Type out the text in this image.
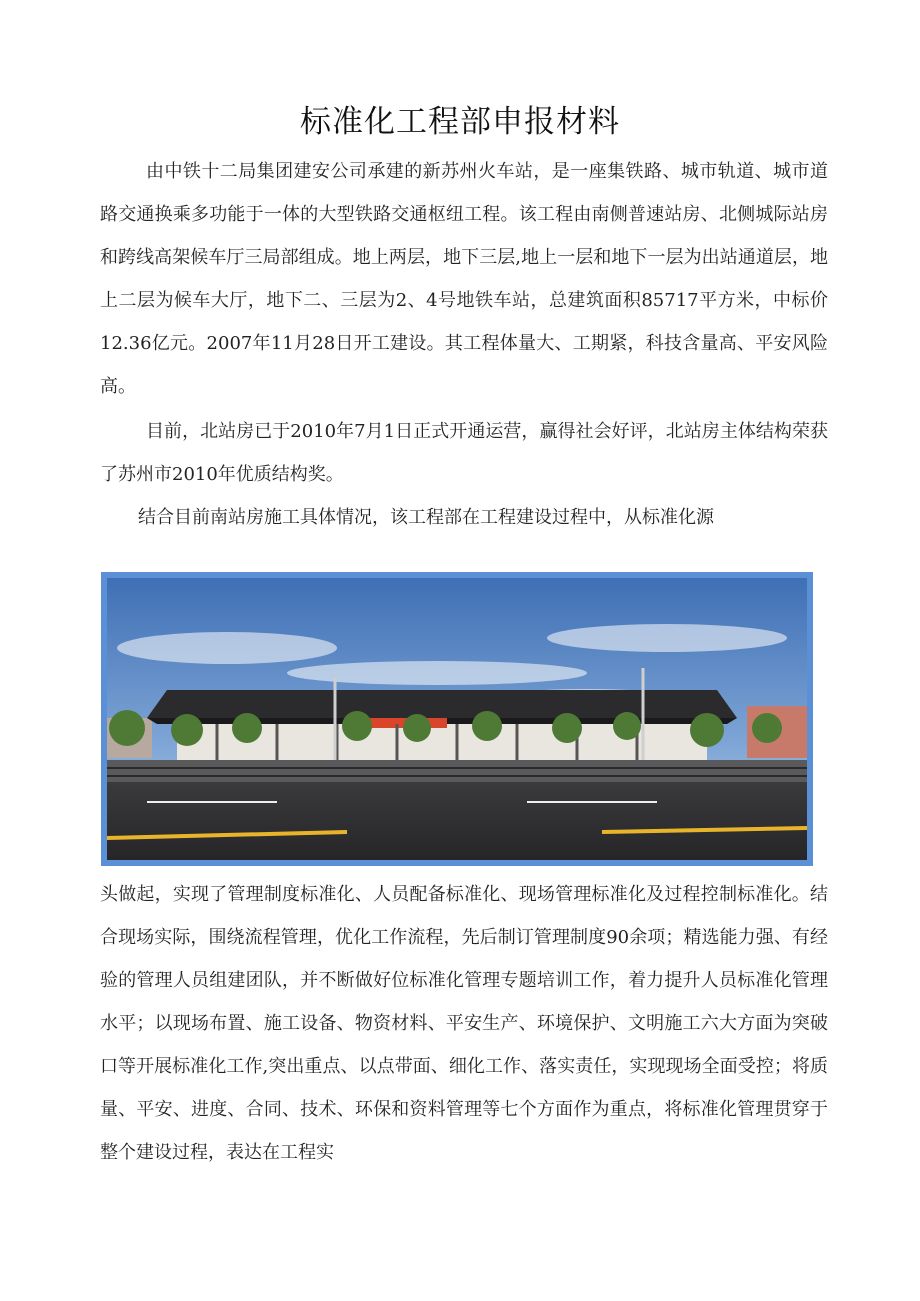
标准化工程部申报材料

由中铁十二局集团建安公司承建的新苏州火车站，是一座集铁路、城市轨道、城市道路交通换乘多功能于一体的大型铁路交通枢纽工程。该工程由南侧普速站房、北侧城际站房和跨线高架候车厅三局部组成。地上两层，地下三层,地上一层和地下一层为出站通道层，地上二层为候车大厅，地下二、三层为2、4号地铁车站，总建筑面积85717平方米，中标价12.36亿元。2007年11月28日开工建设。其工程体量大、工期紧，科技含量高、平安风险高。

目前，北站房已于2010年7月1日正式开通运营，赢得社会好评，北站房主体结构荣获了苏州市2010年优质结构奖。

结合目前南站房施工具体情况，该工程部在工程建设过程中，从标准化源

头做起，实现了管理制度标准化、人员配备标准化、现场管理标准化及过程控制标准化。结合现场实际，围绕流程管理，优化工作流程，先后制订管理制度90余项；精选能力强、有经验的管理人员组建团队，并不断做好位标准化管理专题培训工作，着力提升人员标准化管理水平；以现场布置、施工设备、物资材料、平安生产、环境保护、文明施工六大方面为突破口等开展标准化工作,突出重点、以点带面、细化工作、落实责任，实现现场全面受控；将质量、平安、进度、合同、技术、环保和资料管理等七个方面作为重点，将标准化管理贯穿于整个建设过程，表达在工程实
